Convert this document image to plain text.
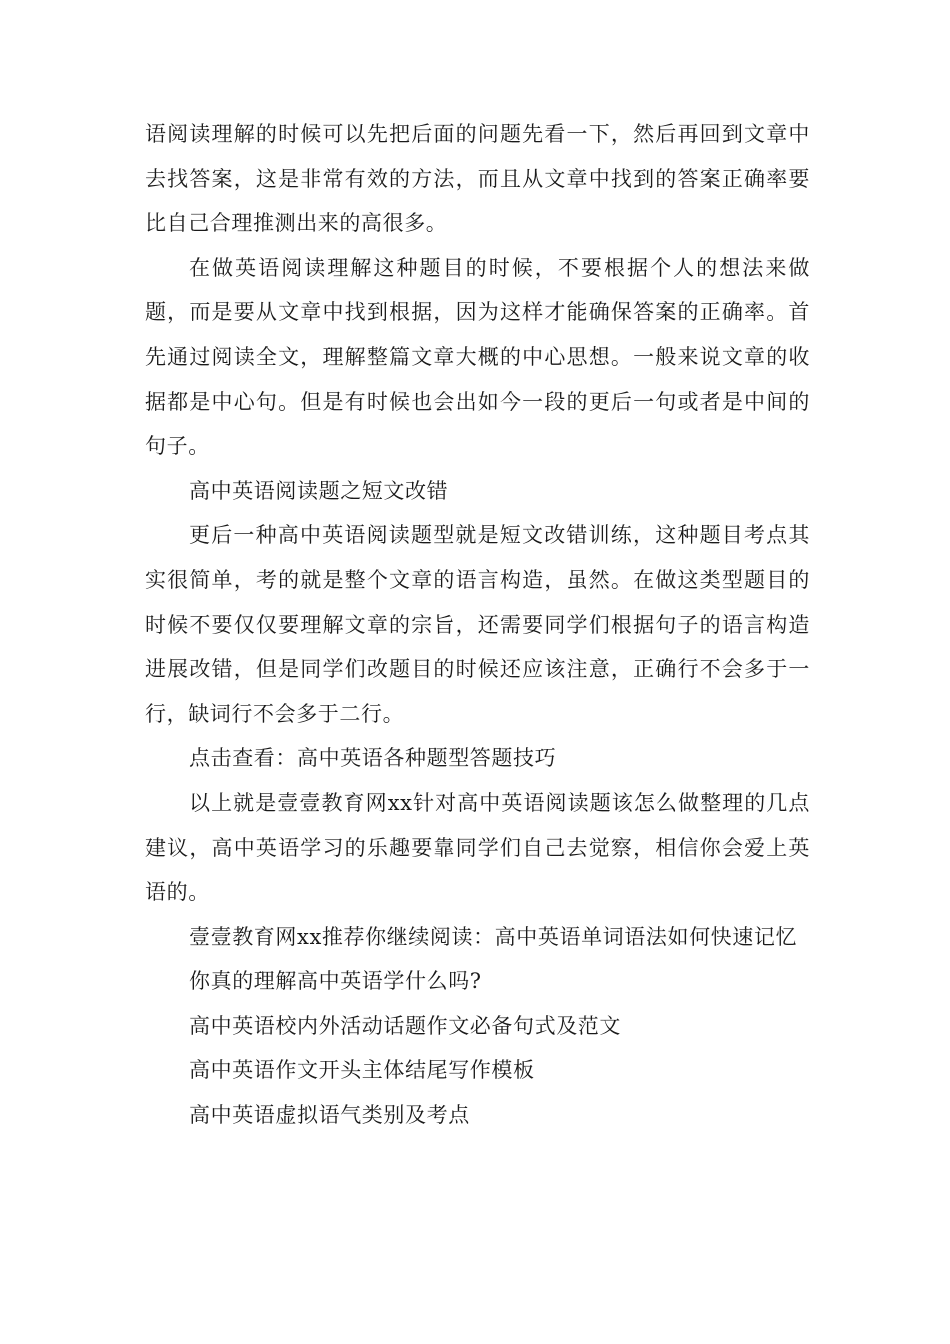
语阅读理解的时候可以先把后面的问题先看一下，然后再回到文章中去找答案，这是非常有效的方法，而且从文章中找到的答案正确率要比自己合理推测出来的高很多。

在做英语阅读理解这种题目的时候，不要根据个人的想法来做题，而是要从文章中找到根据，因为这样才能确保答案的正确率。首先通过阅读全文，理解整篇文章大概的中心思想。一般来说文章的收据都是中心句。但是有时候也会出如今一段的更后一句或者是中间的句子。

高中英语阅读题之短文改错

更后一种高中英语阅读题型就是短文改错训练，这种题目考点其实很简单，考的就是整个文章的语言构造，虽然。在做这类型题目的时候不要仅仅要理解文章的宗旨，还需要同学们根据句子的语言构造进展改错，但是同学们改题目的时候还应该注意，正确行不会多于一行，缺词行不会多于二行。

点击查看：高中英语各种题型答题技巧

以上就是壹壹教育网xx针对高中英语阅读题该怎么做整理的几点建议，高中英语学习的乐趣要靠同学们自己去觉察，相信你会爱上英语的。

壹壹教育网xx推荐你继续阅读：高中英语单词语法如何快速记忆

你真的理解高中英语学什么吗?

高中英语校内外活动话题作文必备句式及范文

高中英语作文开头主体结尾写作模板

高中英语虚拟语气类别及考点
